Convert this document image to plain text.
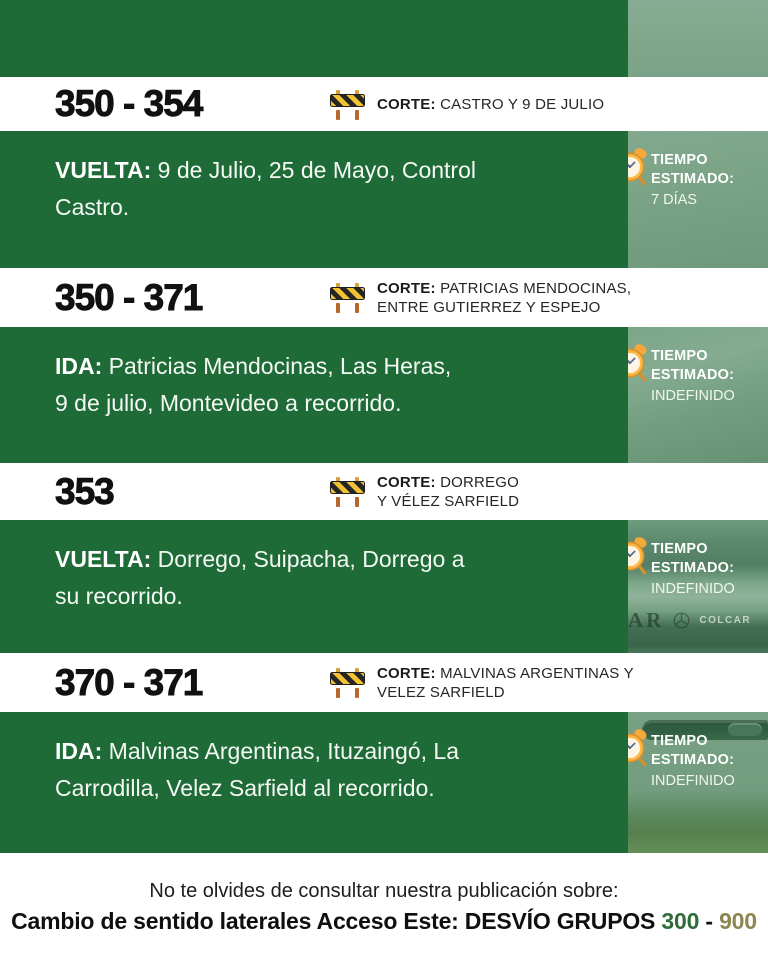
350 - 354	CORTE: CASTRO Y 9 DE JULIO

VUELTA: 9 de Julio, 25 de Mayo, Control
Castro.
TIEMPO
ESTIMADO:
7 DÍAS
350 - 371	CORTE: PATRICIAS MENDOCINAS,
ENTRE GUTIERREZ Y ESPEJO
IDA: Patricias Mendocinas, Las Heras,
9 de julio, Montevideo a recorrido.
TIEMPO
ESTIMADO:
INDEFINIDO
353	CORTE: DORREGO
Y VÉLEZ SARFIELD
VUELTA: Dorrego, Suipacha, Dorrego a
su recorrido.
TIEMPO
ESTIMADO:
INDEFINIDO
AR	COLCAR
370 - 371	CORTE: MALVINAS ARGENTINAS Y
VELEZ SARFIELD
IDA: Malvinas Argentinas, Ituzaingó, La
Carrodilla, Velez Sarfield al recorrido.
TIEMPO
ESTIMADO:
INDEFINIDO
No te olvides de consultar nuestra publicación sobre:
Cambio de sentido laterales Acceso Este: DESVÍO GRUPOS 300 - 900
